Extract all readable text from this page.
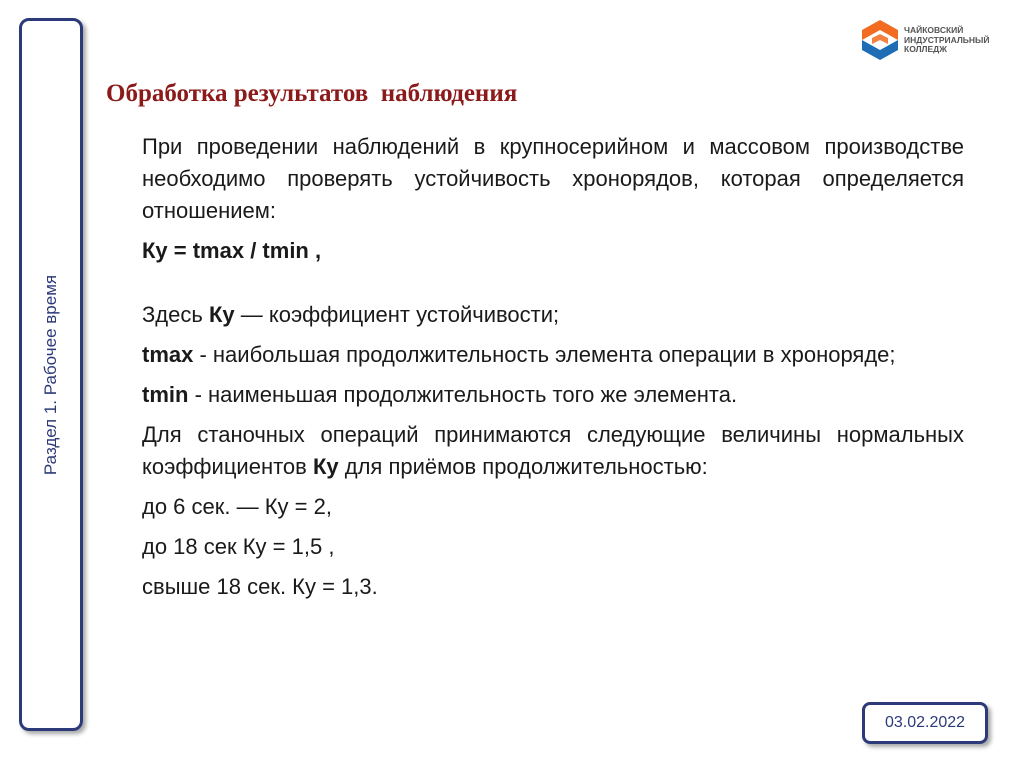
Раздел 1. Рабочее время
ЧАЙКОВСКИЙ
ИНДУСТРИАЛЬНЫЙ
КОЛЛЕДЖ
Обработка результатов  наблюдения

При проведении наблюдений в крупносерийном и массовом производстве необходимо проверять устойчивость хронорядов, которая определяется отношением:

Ку = tmax / tmin ,

Здесь Ку — коэффициент устойчивости;

tmax - наибольшая продолжительность элемента операции в хроноряде;

tmin - наименьшая продолжительность того же элемента.

Для станочных операций принимаются следующие величины нормальных коэффициентов Ку для приёмов продолжительностью:

до 6 сек. — Ку = 2,

до 18 сек Ку = 1,5 ,

свыше 18 сек. Ку = 1,3.

03.02.2022
